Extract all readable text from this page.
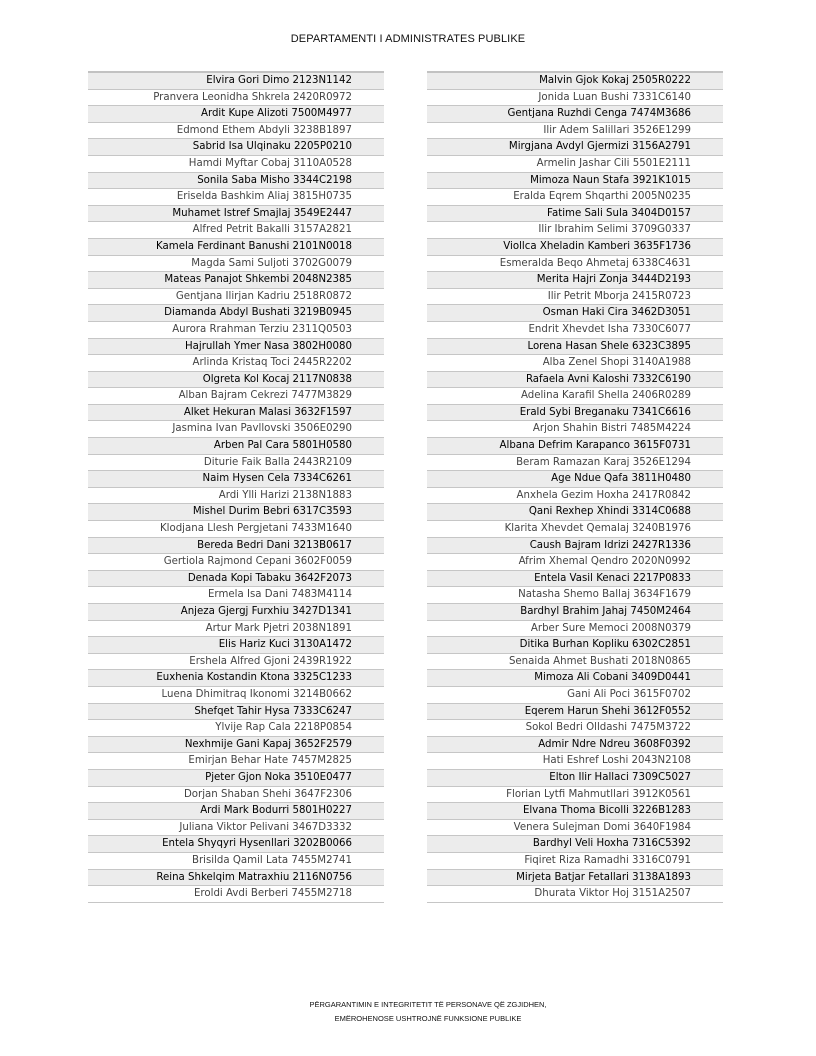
DEPARTAMENTI I ADMINISTRATES PUBLIKE
Elvira Gori Dimo 2123N1142
Pranvera Leonidha Shkrela 2420R0972
Ardit Kupe Alizoti 7500M4977
Edmond Ethem Abdyli 3238B1897
Sabrid Isa Ulqinaku 2205P0210
Hamdi Myftar Cobaj 3110A0528
Sonila Saba Misho 3344C2198
Eriselda Bashkim Aliaj 3815H0735
Muhamet Istref Smajlaj 3549E2447
Alfred Petrit Bakalli 3157A2821
Kamela Ferdinant Banushi 2101N0018
Magda Sami Suljoti 3702G0079
Mateas Panajot Shkembi 2048N2385
Gentjana Ilirjan Kadriu 2518R0872
Diamanda Abdyl Bushati 3219B0945
Aurora Rrahman Terziu 2311Q0503
Hajrullah Ymer Nasa 3802H0080
Arlinda Kristaq Toci 2445R2202
Olgreta Kol Kocaj 2117N0838
Alban Bajram Cekrezi 7477M3829
Alket Hekuran Malasi 3632F1597
Jasmina Ivan Pavllovski 3506E0290
Arben Pal Cara 5801H0580
Diturie Faik Balla 2443R2109
Naim Hysen Cela 7334C6261
Ardi Ylli Harizi 2138N1883
Mishel Durim Bebri 6317C3593
Klodjana Llesh Pergjetani 7433M1640
Bereda Bedri Dani 3213B0617
Gertiola Rajmond Cepani 3602F0059
Denada Kopi Tabaku 3642F2073
Ermela Isa Dani 7483M4114
Anjeza Gjergj Furxhiu 3427D1341
Artur Mark Pjetri 2038N1891
Elis Hariz Kuci 3130A1472
Ershela Alfred Gjoni 2439R1922
Euxhenia Kostandin Ktona 3325C1233
Luena Dhimitraq Ikonomi 3214B0662
Shefqet Tahir Hysa 7333C6247
Ylvije Rap Cala 2218P0854
Nexhmije Gani Kapaj 3652F2579
Emirjan Behar Hate 7457M2825
Pjeter Gjon Noka 3510E0477
Dorjan Shaban Shehi 3647F2306
Ardi Mark Bodurri 5801H0227
Juliana Viktor Pelivani 3467D3332
Entela Shyqyri Hysenllari 3202B0066
Brisilda Qamil Lata 7455M2741
Reina Shkelqim Matraxhiu 2116N0756
Eroldi Avdi Berberi 7455M2718
Malvin Gjok Kokaj 2505R0222
Jonida Luan Bushi 7331C6140
Gentjana Ruzhdi Cenga 7474M3686
Ilir Adem Salillari 3526E1299
Mirgjana Avdyl Gjermizi 3156A2791
Armelin Jashar Cili 5501E2111
Mimoza Naun Stafa 3921K1015
Eralda Eqrem Shqarthi 2005N0235
Fatime Sali Sula 3404D0157
Ilir Ibrahim Selimi 3709G0337
Viollca Xheladin Kamberi 3635F1736
Esmeralda Beqo Ahmetaj 6338C4631
Merita Hajri Zonja 3444D2193
Ilir Petrit Mborja 2415R0723
Osman Haki Cira 3462D3051
Endrit Xhevdet Isha 7330C6077
Lorena Hasan Shele 6323C3895
Alba Zenel Shopi 3140A1988
Rafaela Avni Kaloshi 7332C6190
Adelina Karafil Shella 2406R0289
Erald Sybi Breganaku 7341C6616
Arjon Shahin Bistri 7485M4224
Albana Defrim Karapanco 3615F0731
Beram Ramazan Karaj 3526E1294
Age Ndue Qafa 3811H0480
Anxhela Gezim Hoxha 2417R0842
Qani Rexhep Xhindi 3314C0688
Klarita Xhevdet Qemalaj 3240B1976
Caush Bajram Idrizi 2427R1336
Afrim Xhemal Qendro 2020N0992
Entela Vasil Kenaci 2217P0833
Natasha Shemo Ballaj 3634F1679
Bardhyl Brahim Jahaj 7450M2464
Arber Sure Memoci 2008N0379
Ditika Burhan Kopliku 6302C2851
Senaida Ahmet Bushati 2018N0865
Mimoza Ali Cobani 3409D0441
Gani Ali Poci 3615F0702
Eqerem Harun Shehi 3612F0552
Sokol Bedri Olldashi 7475M3722
Admir Ndre Ndreu 3608F0392
Hati Eshref Loshi 2043N2108
Elton Ilir Hallaci 7309C5027
Florian Lytfi Mahmutllari 3912K0561
Elvana Thoma Bicolli 3226B1283
Venera Sulejman Domi 3640F1984
Bardhyl Veli Hoxha 7316C5392
Fiqiret Riza Ramadhi 3316C0791
Mirjeta Batjar Fetallari 3138A1893
Dhurata Viktor Hoj 3151A2507
PËRGARANTIMIN E INTEGRITETIT TË PERSONAVE QË ZGJIDHEN,
EMËROHENOSE USHTROJNË FUNKSIONE PUBLIKE
